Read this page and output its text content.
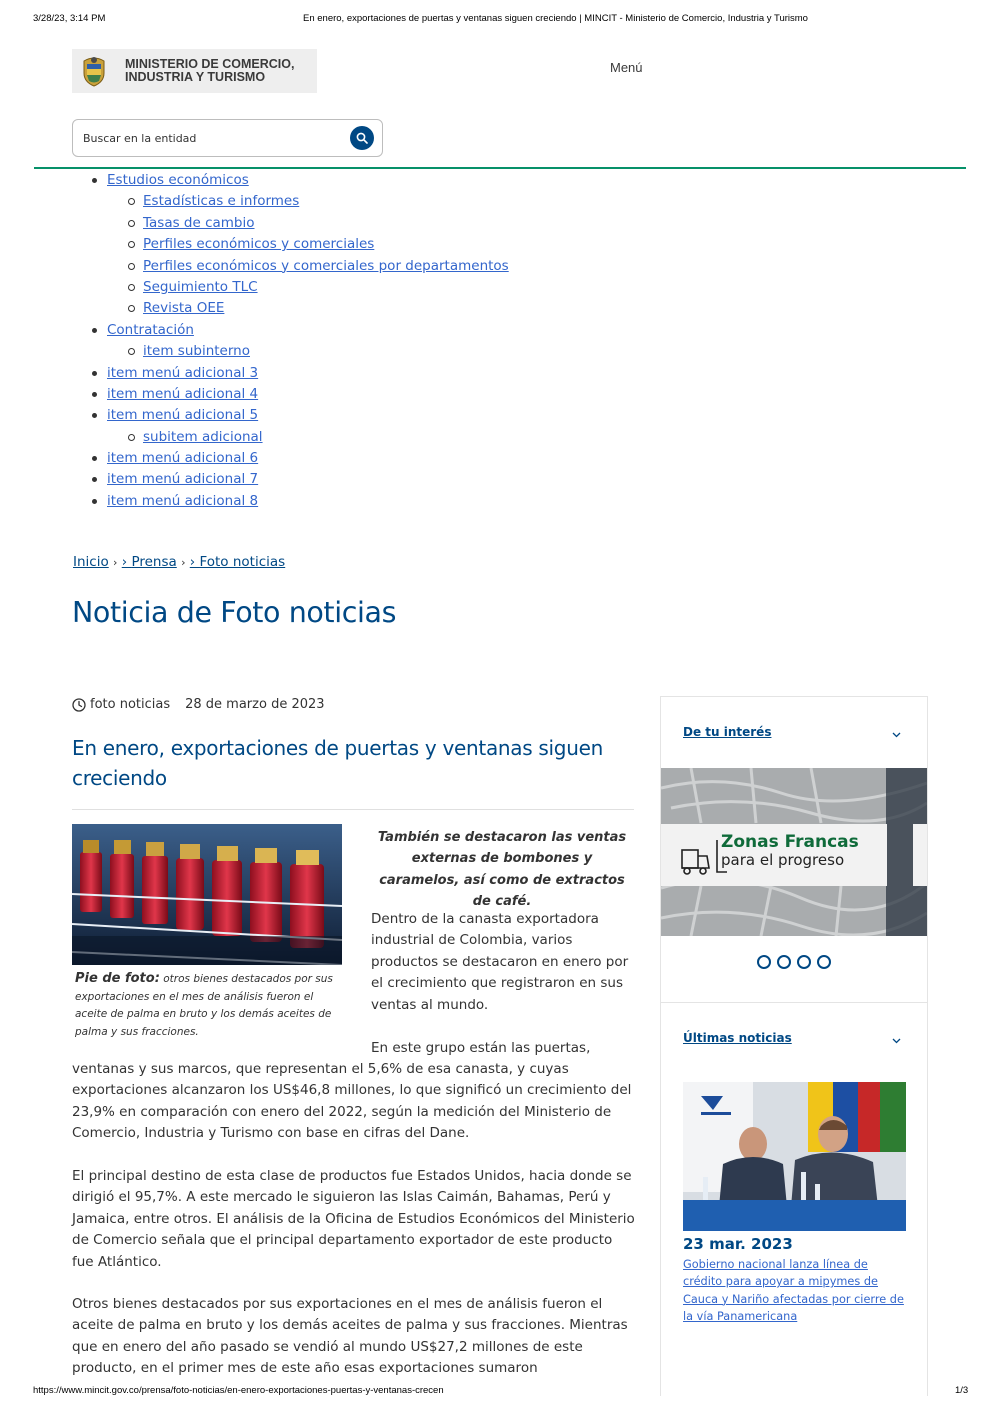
3/28/23, 3:14 PM	En enero, exportaciones de puertas y ventanas siguen creciendo | MINCIT - Ministerio de Comercio, Industria y Turismo
MINISTERIO DE COMERCIO,
INDUSTRIA Y TURISMO
Menú
Buscar en la entidad
Estudios económicos
Estadísticas e informes
Tasas de cambio
Perfiles económicos y comerciales
Perfiles económicos y comerciales por departamentos
Seguimiento TLC
Revista OEE
Contratación
item subinterno
item menú adicional 3
item menú adicional 4
item menú adicional 5
subitem adicional
item menú adicional 6
item menú adicional 7
item menú adicional 8
Inicio › › Prensa › › Foto noticias
Noticia de Foto noticias
foto noticias 28 de marzo de 2023
En enero, exportaciones de puertas y ventanas siguen creciendo
Pie de foto: otros bienes destacados por sus exportaciones en el mes de análisis fueron el aceite de palma en bruto y los demás aceites de palma y sus fracciones.
También se destacaron las ventas externas de bombones y caramelos, así como de extractos de café.

Dentro de la canasta exportadora industrial de Colombia, varios productos se destacaron en enero por el crecimiento que registraron en sus ventas al mundo.

En este grupo están las puertas,

ventanas y sus marcos, que representan el 5,6% de esa canasta, y cuyas exportaciones alcanzaron los US$46,8 millones, lo que significó un crecimiento del 23,9% en comparación con enero del 2022, según la medición del Ministerio de Comercio, Industria y Turismo con base en cifras del Dane.

El principal destino de esta clase de productos fue Estados Unidos, hacia donde se dirigió el 95,7%. A este mercado le siguieron las Islas Caimán, Bahamas, Perú y Jamaica, entre otros. El análisis de la Oficina de Estudios Económicos del Ministerio de Comercio señala que el principal departamento exportador de este producto fue Atlántico.

Otros bienes destacados por sus exportaciones en el mes de análisis fueron el aceite de palma en bruto y los demás aceites de palma y sus fracciones. Mientras que en enero del año pasado se vendió al mundo US$27,2 millones de este producto, en el primer mes de este año esas exportaciones sumaron

De tu interés
Últimas noticias
Zonas Francas
para el progreso
23 mar. 2023
Gobierno nacional lanza línea de crédito para apoyar a mipymes de Cauca y Nariño afectadas por cierre de la vía Panamericana
https://www.mincit.gov.co/prensa/foto-noticias/en-enero-exportaciones-puertas-y-ventanas-crecen	1/3
